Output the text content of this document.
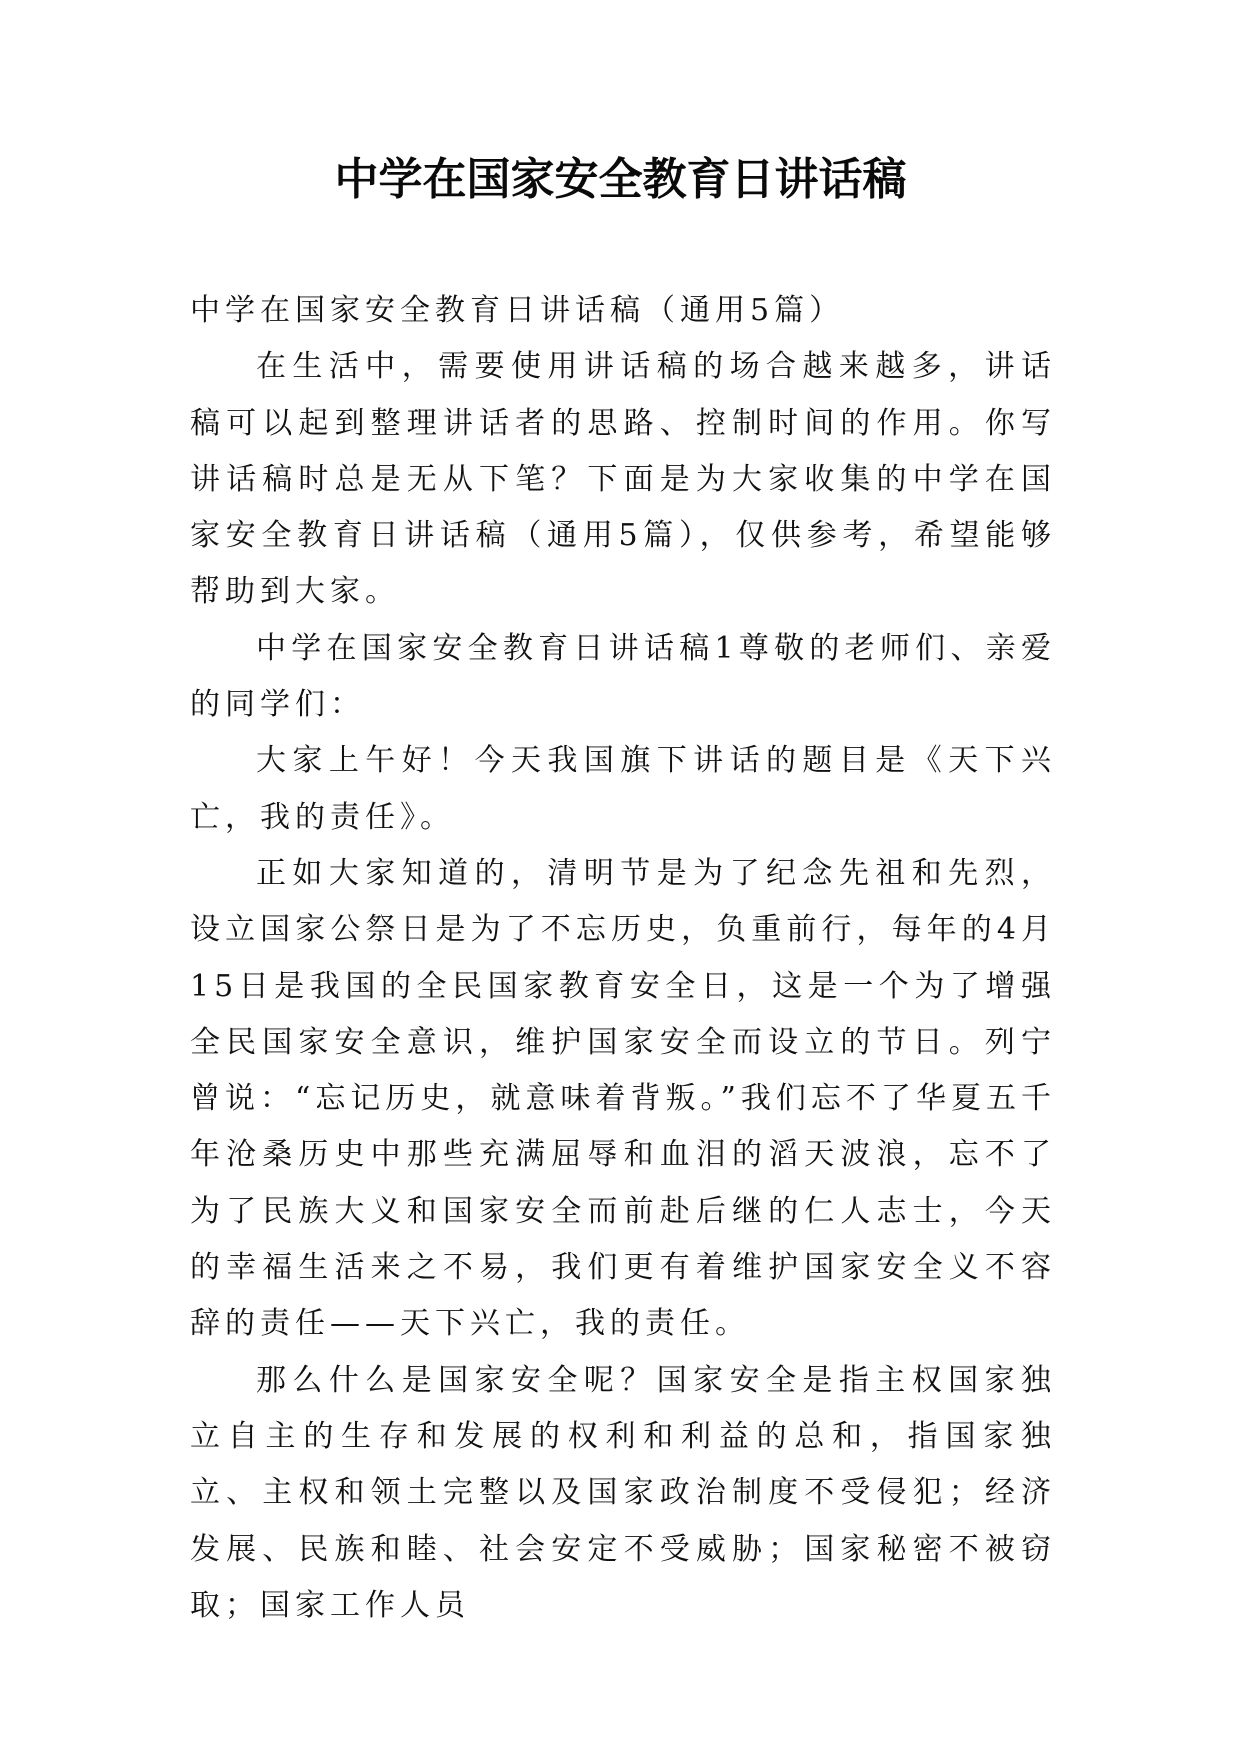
中学在国家安全教育日讲话稿

中学在国家安全教育日讲话稿（通用5篇）

在生活中，需要使用讲话稿的场合越来越多，讲话稿可以起到整理讲话者的思路、控制时间的作用。你写讲话稿时总是无从下笔？下面是为大家收集的中学在国家安全教育日讲话稿（通用5篇），仅供参考，希望能够帮助到大家。

中学在国家安全教育日讲话稿1尊敬的老师们、亲爱的同学们：

大家上午好！今天我国旗下讲话的题目是《天下兴亡，我的责任》。

正如大家知道的，清明节是为了纪念先祖和先烈，设立国家公祭日是为了不忘历史，负重前行，每年的4月15日是我国的全民国家教育安全日，这是一个为了增强全民国家安全意识，维护国家安全而设立的节日。列宁曾说：“忘记历史，就意味着背叛。”我们忘不了华夏五千年沧桑历史中那些充满屈辱和血泪的滔天波浪，忘不了为了民族大义和国家安全而前赴后继的仁人志士，今天的幸福生活来之不易，我们更有着维护国家安全义不容辞的责任——天下兴亡，我的责任。

那么什么是国家安全呢？国家安全是指主权国家独立自主的生存和发展的权利和利益的总和，指国家独立、主权和领土完整以及国家政治制度不受侵犯；经济发展、民族和睦、社会安定不受威胁；国家秘密不被窃取；国家工作人员
